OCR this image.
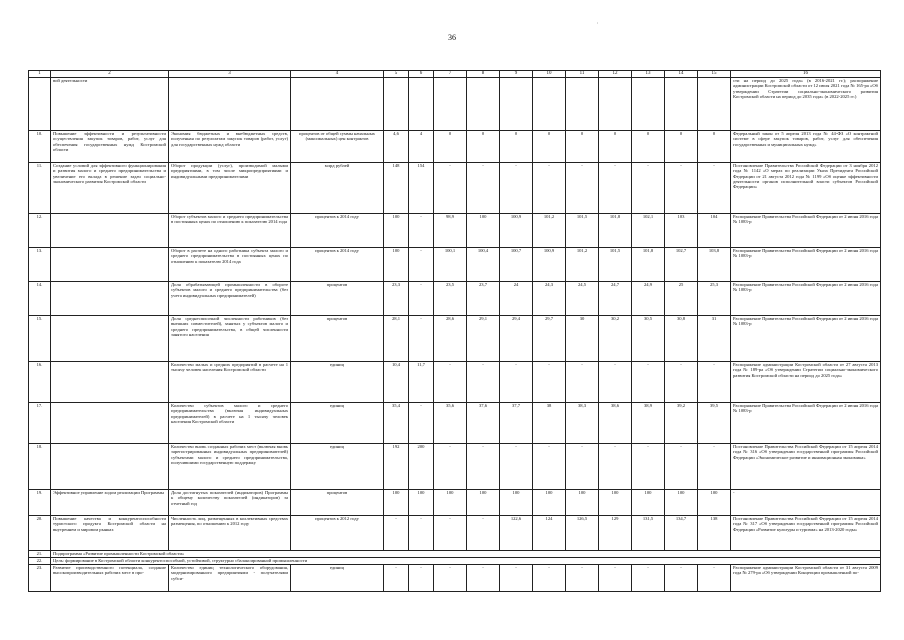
36
,
1	2	3	4	5	6	7	8	9	10	11	12	13	14	15	16
	вой деятельности														сти на период до 2025 года» (в 2016-2021 гг.); распоряжение администрации Костромской области от 12 июля 2021 года № 165-ра «Об утверждении Стратегии социально-экономического развития Костромской области на период до 2035 года» (в 2022-2025 гг.)
10.	Повышение эффективности и результативности осуществления закупок товаров, работ, услуг для обеспечения государственных нужд Костромской области	Экономия бюджетных и внебюджетных средств, полученная по результатам закупок товаров (работ, услуг) для государственных нужд области	процентов от общей суммы начальных (максимальных) цен контрактов	4,6	4	0	0	0	0	0	0	0	0	0	Федеральный закон от 5 апреля 2013 года № 44-ФЗ «О контрактной системе в сфере закупок товаров, работ, услуг для обеспечения государственных и муниципальных нужд»
11.	Создание условий для эффективного функционирования и развития малого и среднего предпринимательства и увеличение его вклада в решение задач социально-экономического развития Костромской области	Оборот продукции (услуг), производимой малыми предприятиями, в том числе микропредприятиями и индивидуальными предпринимателями	млрд рублей	148	154	-	-	-	-	-	-	-	-	-	Постановление Правительства Российской Федерации от 3 ноября 2012 года № 1142 «О мерах по реализации Указа Президента Российской Федерации от 21 августа 2012 года № 1199 «Об оценке эффективности деятельности органов исполнительной власти субъектов Российской Федерации»
12.		Оборот субъектов малого и среднего предпринимательства в постоянных ценах по отношению к показателю 2014 года	процентов к 2014 году	100	-	98,9	100	100,9	101,2	101,5	101,8	102,1	103	104	Распоряжение Правительства Российской Федерации от 2 июня 2016 года № 1083-р
13.		Оборот в расчете на одного работника субъекта малого и среднего предпринимательства в постоянных ценах по отношению к показателю 2014 года	процентов к 2014 году	100	-	100,1	100,4	100,7	100,9	101,2	101,5	101,8	102,7	103,8	Распоряжение Правительства Российской Федерации от 2 июня 2016 года № 1083-р
14.		Доля обрабатывающей промышленности в обороте субъектов малого и среднего предпринимательства (без учета индивидуальных предпринимателей)	процентов	23,3	-	23,5	23,7	24	24,3	24,5	24,7	24,9	25	25,3	Распоряжение Правительства Российской Федерации от 2 июня 2016 года № 1083-р
15.		Доля среднесписочной численности работников (без внешних совместителей), занятых у субъектов малого и среднего предпринимательства, в общей численности занятого населения	процентов	28,1	-	28,6	29,1	29,4	29,7	30	30,2	30,5	30,8	31	Распоряжение Правительства Российской Федерации от 2 июня 2016 года № 1083-р
16.		Количество малых и средних предприятий в расчете на 1 тысячу человек населения Костромской области	единиц	10,4	11,7	-	-	-	-	-	-	-	-	-	Распоряжение администрации Костромской области от 27 августа 2013 года № 189-ра «Об утверждении Стратегии социально-экономического развития Костромской области на период до 2025 года»
17.		Количество субъектов малого и среднего предпринимательства (включая индивидуальных предпринимателей) в расчете на 1 тысячу человек населения Костромской области	единиц	35,4	-	35,6	37,6	37,7	38	38,3	38,6	38,9	39,2	39,5	Распоряжение Правительства Российской Федерации от 2 июня 2016 года № 1083-р
18.		Количество вновь созданных рабочих мест (включая вновь зарегистрированных индивидуальных предпринимателей) субъектами малого и среднего предпринимательства, получившими государственную поддержку	единиц	192	200	-	-	-	-	-	-	-	-	-	Постановление Правительства Российской Федерации от 15 апреля 2014 года № 316 «Об утверждении государственной программы Российской Федерации «Экономическое развитие и инновационная экономика»
19.	Эффективное управление ходом реализации Программы	Доля достигнутых показателей (индикаторов) Программы к общему количеству показателей (индикаторов) за отчетный год	процентов	100	100	100	100	100	100	100	100	100	100	100	-
20.	Повышение качества и конкурентоспособности туристского продукта Костромской области на внутреннем и мировом рынках	Численность лиц, размещенных в коллективных средствах размещения, по отношению к 2012 году	процентов к 2012 году	-	-	-	-	122,6	124	126,5	129	131,5	134,7	138	Постановление Правительства Российской Федерации от 15 апреля 2014 года № 317 «Об утверждении государственной программы Российской Федерации «Развитие культуры и туризма» на 2013-2020 годы»
21.	Подпрограмма «Развитие промышленности Костромской области»														
22.	Цель: формирование в Костромской области конкурентоспособной, устойчивой, структурно сбалансированной промышленности														
23.	Развитие производственного потенциала, создание высокопроизводительных рабочих мест в про-	Количество единиц технологического оборудования, модернизированного предприятиями - получателями субси-	единиц	-	-	-	-	-	-	-	-	-	-	-	Распоряжение администрации Костромской области от 31 августа 2009 года № 279-ра «Об утверждении Концепции промышленной по-
